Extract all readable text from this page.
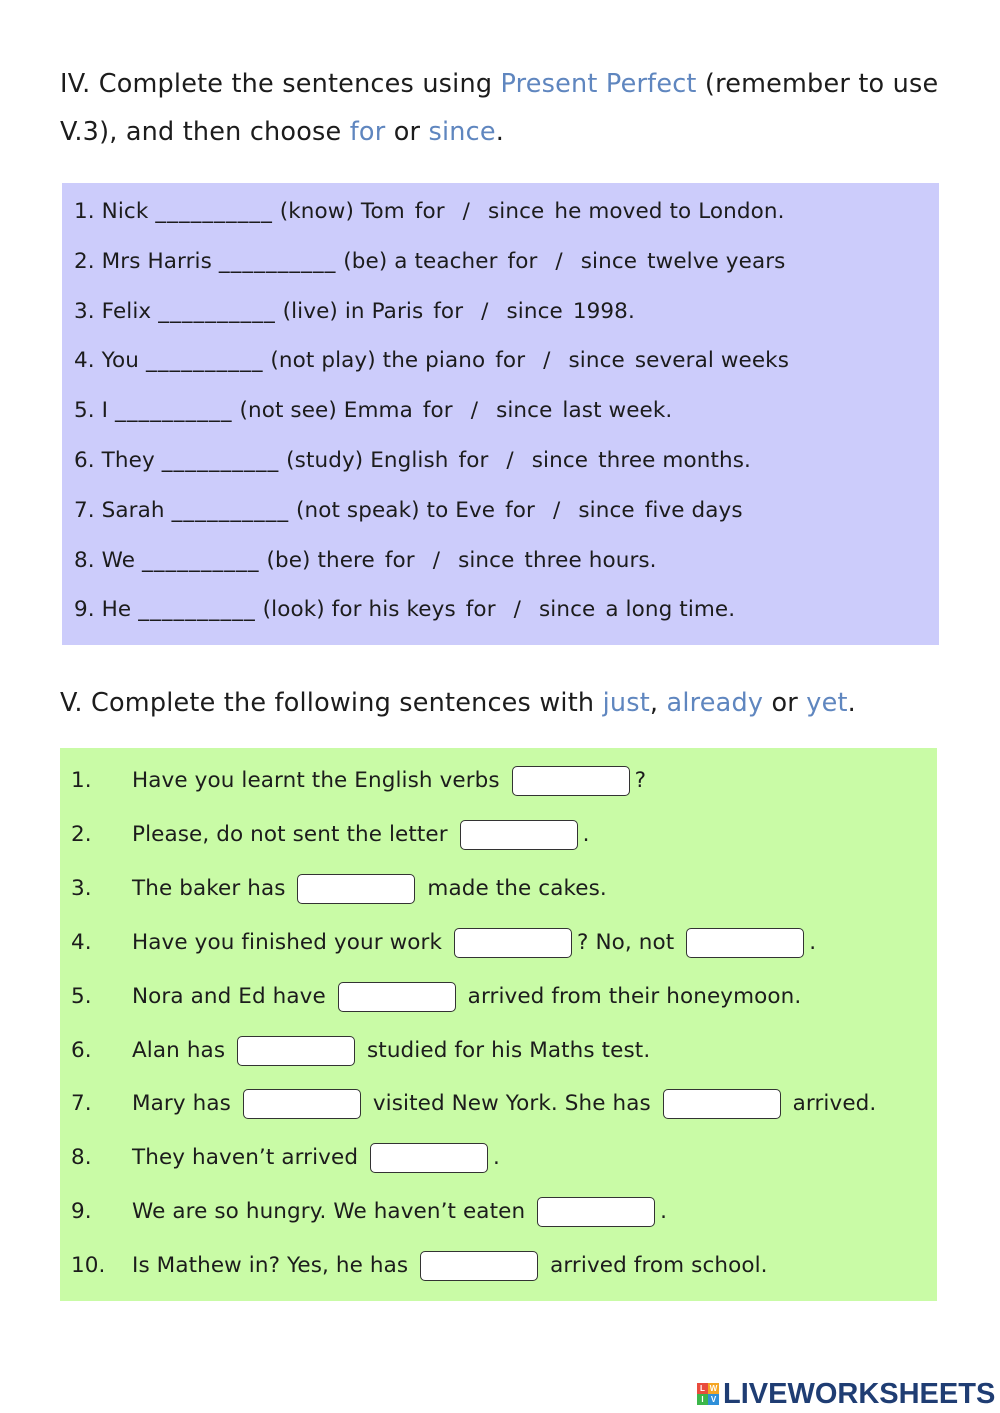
IV. Complete the sentences using Present Perfect (remember to use V.3), and then choose for or since.
1. Nick __________ (know) Tom for / since he moved to London.
2. Mrs Harris __________ (be) a teacher for / since twelve years
3. Felix __________ (live) in Paris for / since 1998.
4. You __________ (not play) the piano for / since several weeks
5. I __________ (not see) Emma for / since last week.
6. They __________ (study) English for / since three months.
7. Sarah __________ (not speak) to Eve for / since five days
8. We __________ (be) there for / since three hours.
9. He __________ (look) for his keys for / since a long time.
V. Complete the following sentences with just, already or yet.
1.	Have you learnt the English verbs	?
2.	Please, do not sent the letter	.
3.	The baker has	made the cakes.
4.	Have you finished your work	? No, not	.
5.	Nora and Ed have	arrived from their honeymoon.
6.	Alan has	studied for his Maths test.
7.	Mary has	visited New York. She has	arrived.
8.	They haven’t arrived	.
9.	We are so hungry. We haven’t eaten	.
10.	Is Mathew in? Yes, he has	arrived from school.
L W
I V LIVEWORKSHEETS
